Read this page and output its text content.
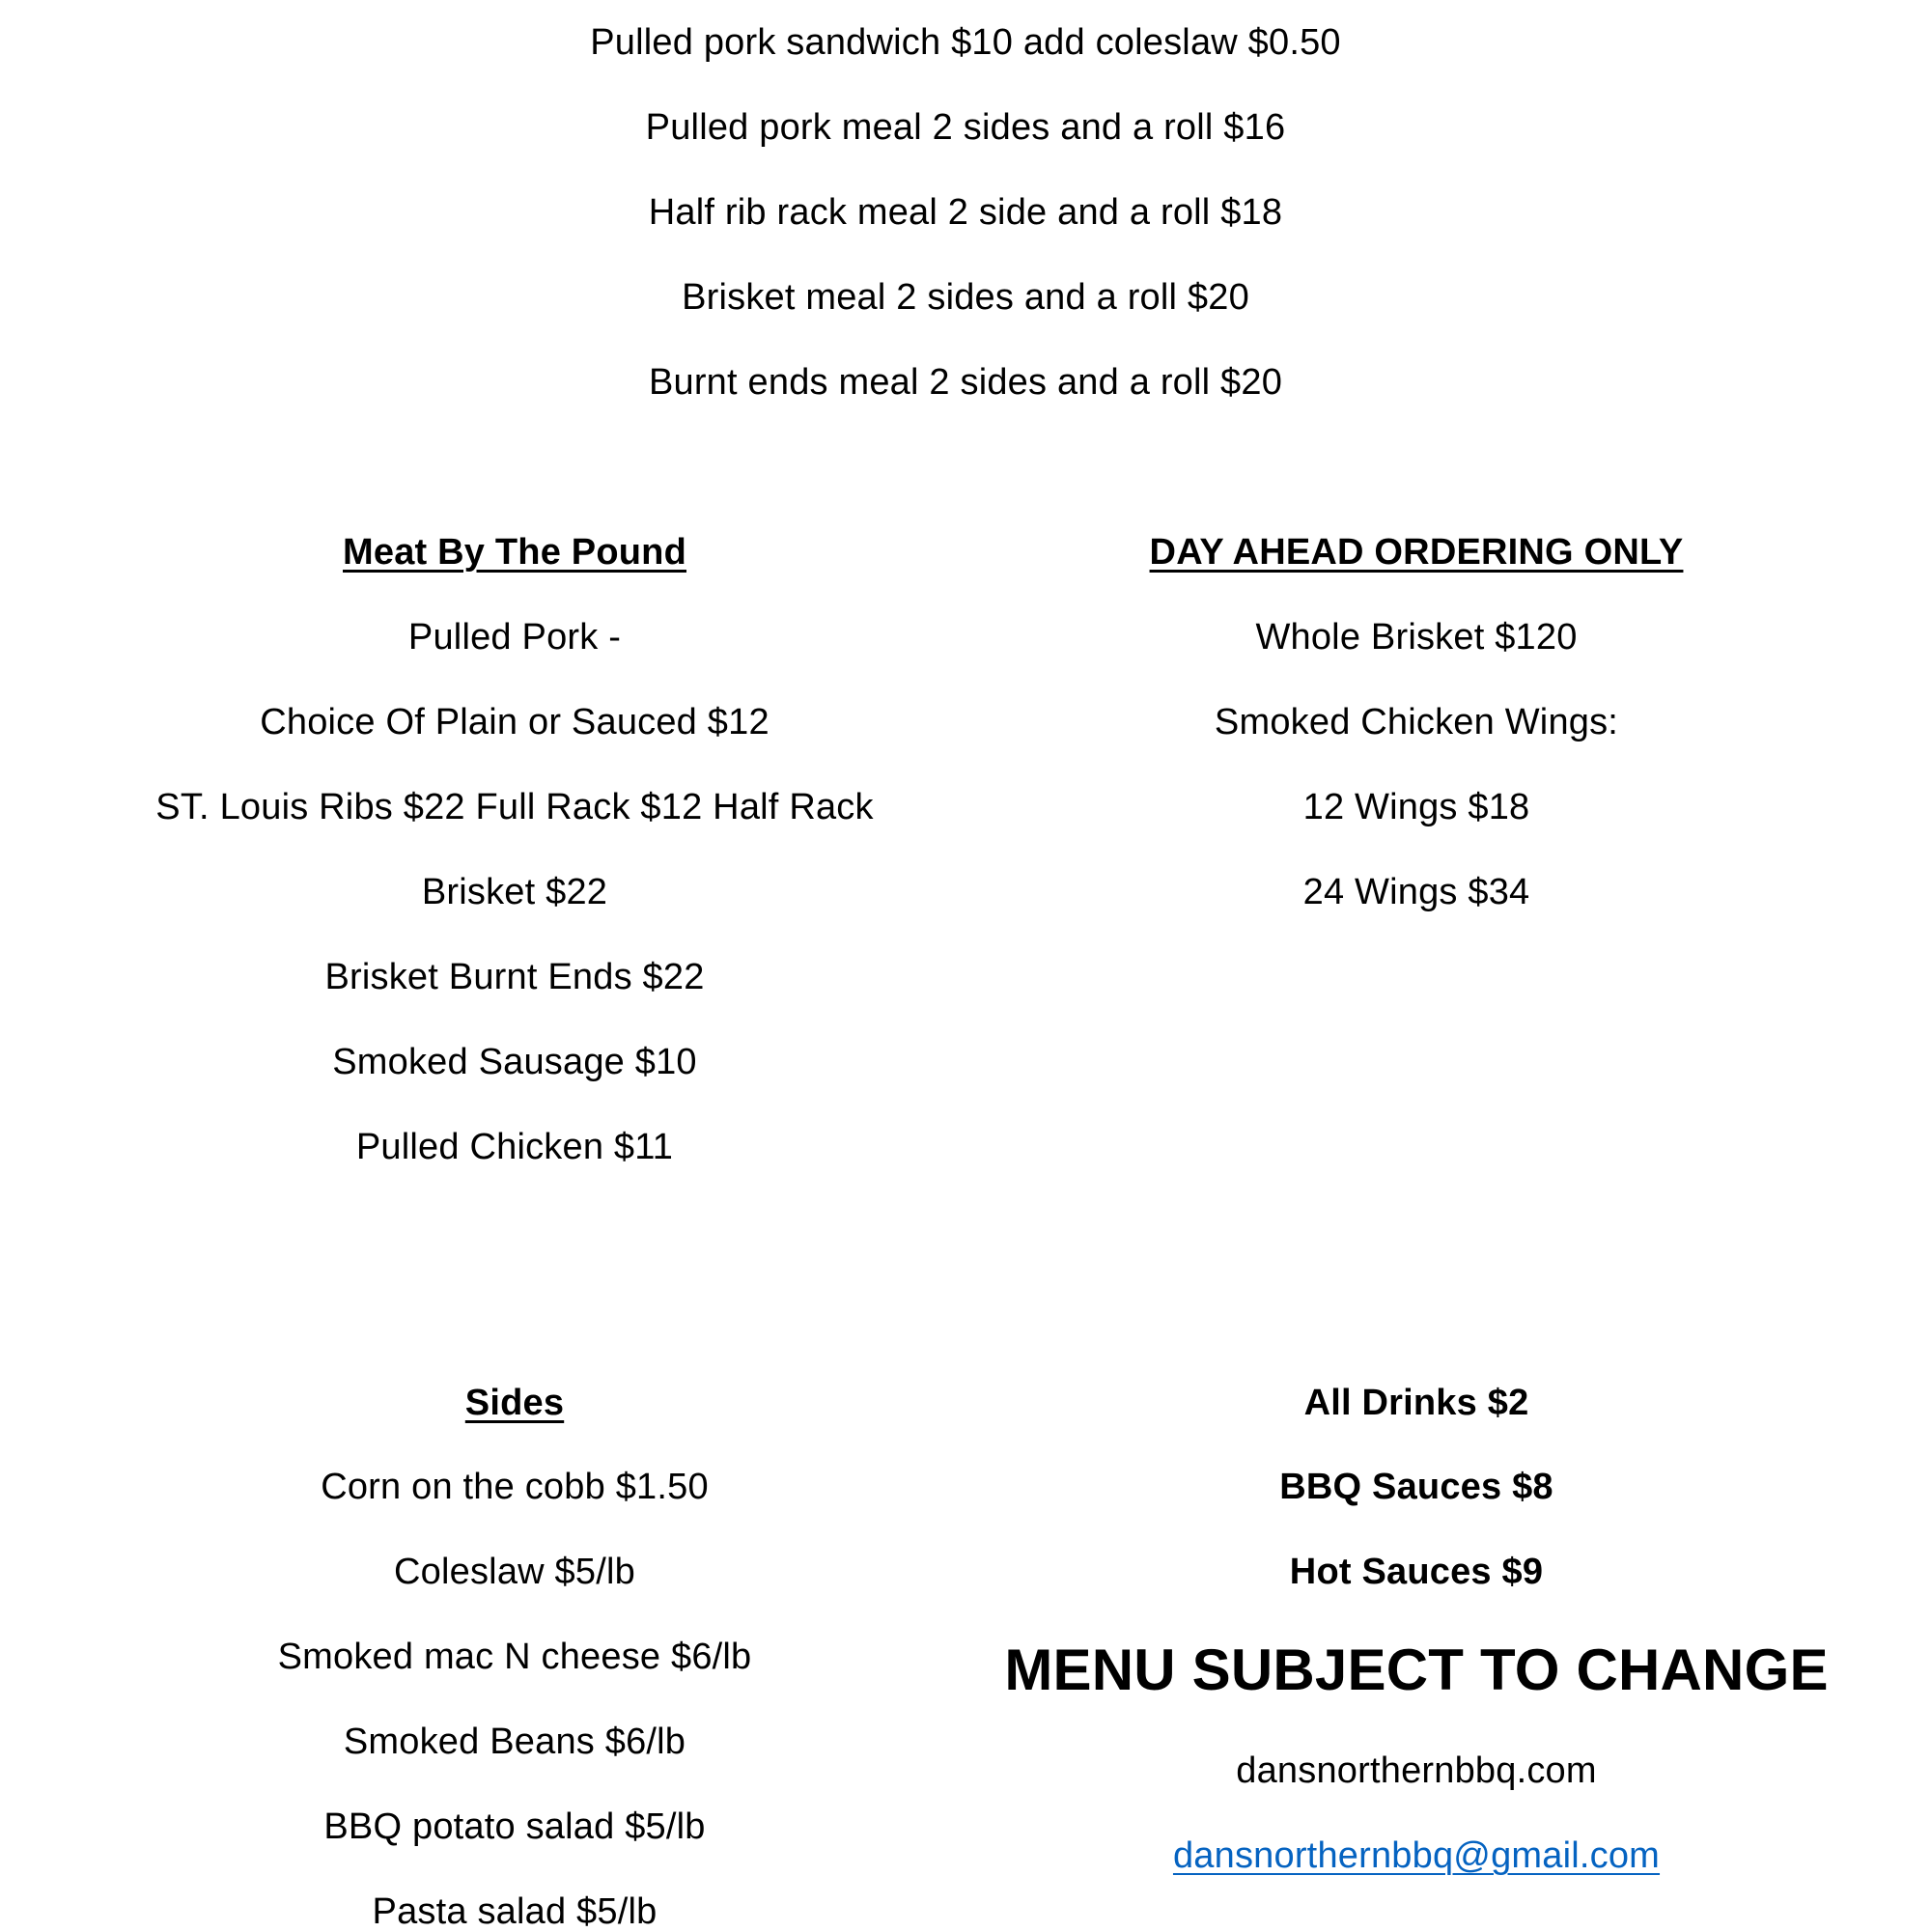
Pulled pork sandwich $10 add coleslaw $0.50
Pulled pork meal 2 sides and a roll $16
Half rib rack meal 2 side and a roll $18
Brisket meal 2 sides and a roll $20
Burnt ends meal 2 sides and a roll $20
Meat By The Pound
Pulled Pork -
Choice Of Plain or Sauced $12
ST. Louis Ribs $22 Full Rack $12 Half Rack
Brisket $22
Brisket Burnt Ends $22
Smoked Sausage $10
Pulled Chicken $11
DAY AHEAD ORDERING ONLY
Whole Brisket $120
Smoked Chicken Wings:
12 Wings $18
24 Wings $34
Sides
Corn on the cobb $1.50
Coleslaw $5/lb
Smoked mac N cheese $6/lb
Smoked Beans $6/lb
BBQ potato salad $5/lb
Pasta salad $5/lb
All Drinks $2
BBQ Sauces $8
Hot Sauces $9
MENU SUBJECT TO CHANGE
dansnorthernbbq.com
dansnorthernbbq@gmail.com
